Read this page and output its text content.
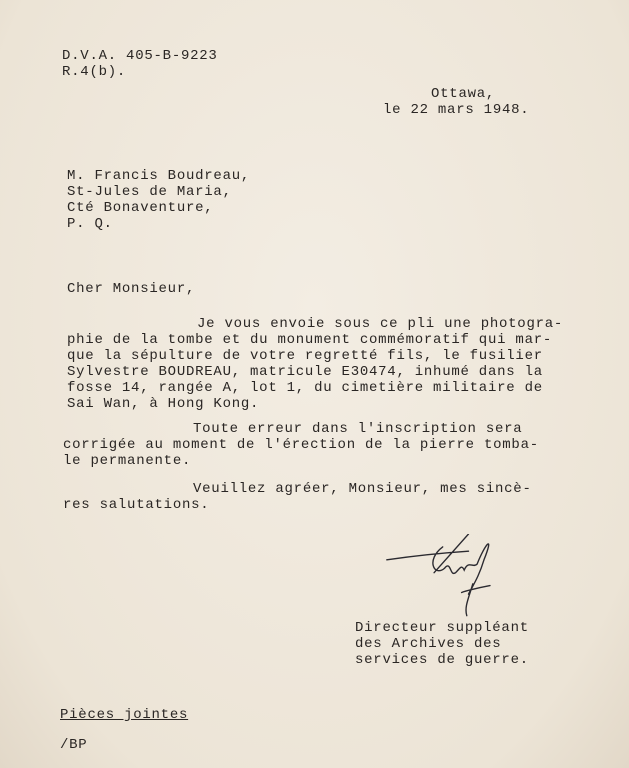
D.V.A. 405-B-9223
R.4(b).
Ottawa,
le 22 mars 1948.
M. Francis Boudreau,
St-Jules de Maria,
Cté Bonaventure,
P. Q.
Cher Monsieur,
Je vous envoie sous ce pli une photogra-
phie de la tombe et du monument commémoratif qui mar-
que la sépulture de votre regretté fils, le fusilier
Sylvestre BOUDREAU, matricule E30474, inhumé dans la
fosse 14, rangée A, lot 1, du cimetière militaire de
Sai Wan, à Hong Kong.
Toute erreur dans l'inscription sera
corrigée au moment de l'érection de la pierre tomba-
le permanente.
Veuillez agréer, Monsieur, mes sincè-
res salutations.
Directeur suppléant
des Archives des
services de guerre.
Pièces jointes
/BP
